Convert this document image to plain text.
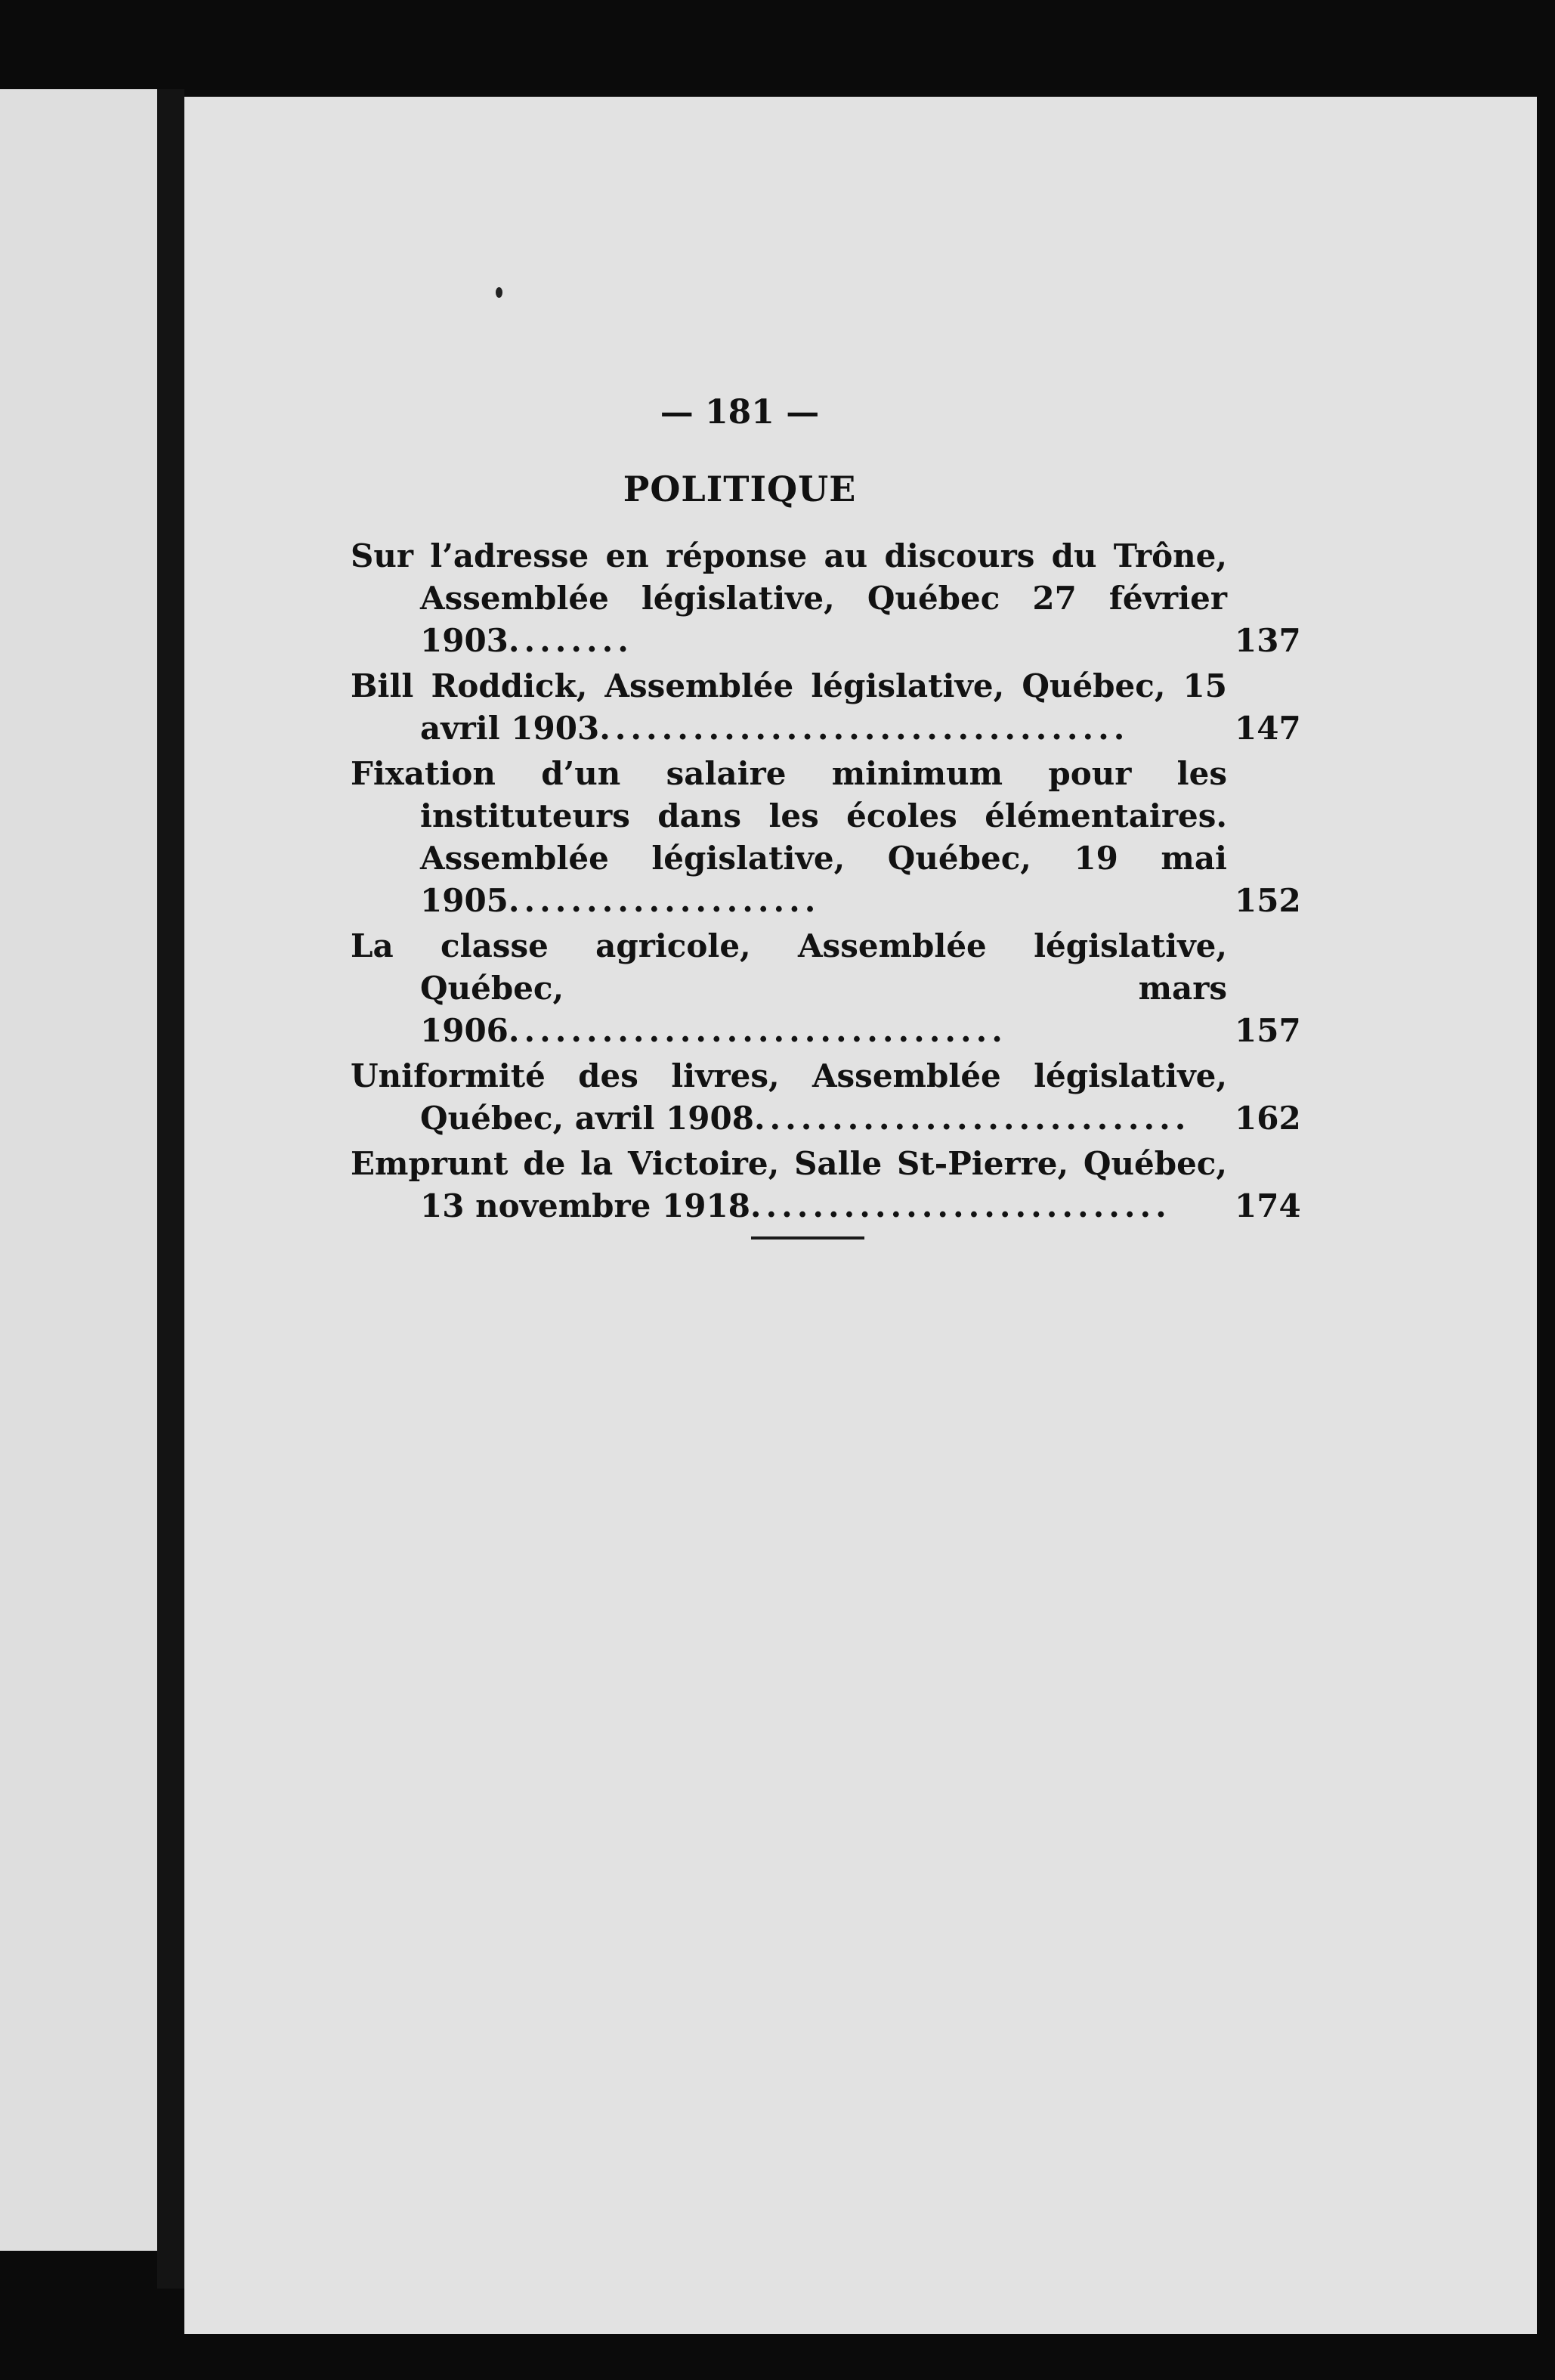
— 181 —
POLITIQUE
Sur l’adresse en réponse au discours du Trône, Assemblée législative, Québec 27 février 1903........	137
Bill Roddick, Assemblée législative, Québec, 15 avril 1903..................................	147
Fixation d’un salaire minimum pour les instituteurs dans les écoles élémentaires. Assemblée législative, Québec, 19 mai 1905....................	152
La classe agricole, Assemblée législative, Québec, mars 1906................................	157
Uniformité des livres, Assemblée législative, Québec, avril 1908............................	162
Emprunt de la Victoire, Salle St-Pierre, Québec, 13 novembre 1918...........................	174
